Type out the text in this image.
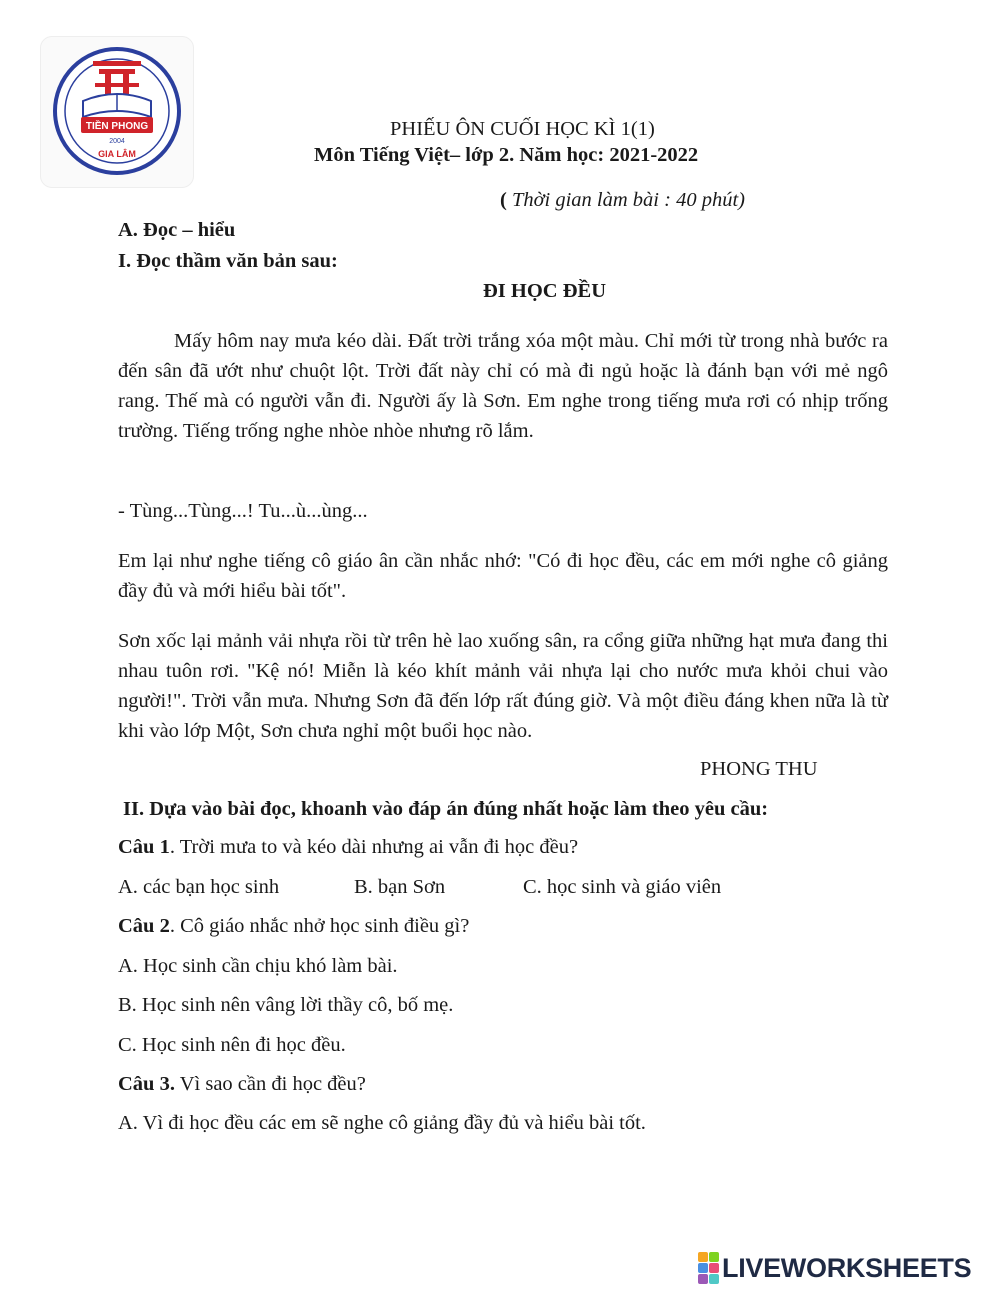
TIỀN PHONG
2004
GIA LÂM
PHIẾU ÔN CUỐI HỌC KÌ 1(1)
Môn Tiếng Việt– lớp 2. Năm học: 2021-2022
( Thời gian làm bài : 40 phút)
A. Đọc – hiểu
I. Đọc thầm văn bản sau:
ĐI HỌC ĐỀU
Mấy hôm nay mưa kéo dài. Đất trời trắng xóa một màu. Chỉ mới từ trong nhà bước ra đến sân đã ướt như chuột lột. Trời đất này chỉ có mà đi ngủ hoặc là đánh bạn với mẻ ngô rang. Thế mà có người vẫn đi. Người ấy là Sơn. Em nghe trong tiếng mưa rơi có nhịp trống trường. Tiếng trống nghe nhòe nhòe nhưng rõ lắm.
- Tùng...Tùng...! Tu...ù...ùng...
Em lại như nghe tiếng cô giáo ân cần nhắc nhớ: "Có đi học đều, các em mới nghe cô giảng đầy đủ và mới hiểu bài tốt".
Sơn xốc lại mảnh vải nhựa rồi từ trên hè lao xuống sân, ra cổng giữa những hạt mưa đang thi nhau tuôn rơi. "Kệ nó! Miễn là kéo khít mảnh vải nhựa lại cho nước mưa khỏi chui vào người!". Trời vẫn mưa. Nhưng Sơn đã đến lớp rất đúng giờ. Và một điều đáng khen nữa là từ khi vào lớp Một, Sơn chưa nghỉ một buổi học nào.
PHONG THU
II. Dựa vào bài đọc, khoanh vào đáp án đúng nhất hoặc làm theo yêu cầu:
Câu 1. Trời mưa to và kéo dài nhưng ai vẫn đi học đều?
A. các bạn học sinh	B. bạn Sơn	C. học sinh và giáo viên
Câu 2. Cô giáo nhắc nhở học sinh điều gì?
A. Học sinh cần chịu khó làm bài.
B. Học sinh nên vâng lời thầy cô, bố mẹ.
C. Học sinh nên đi học đều.
Câu 3. Vì sao cần đi học đều?
A. Vì đi học đều các em sẽ nghe cô giảng đầy đủ và hiểu bài tốt.
LIVEWORKSHEETS
